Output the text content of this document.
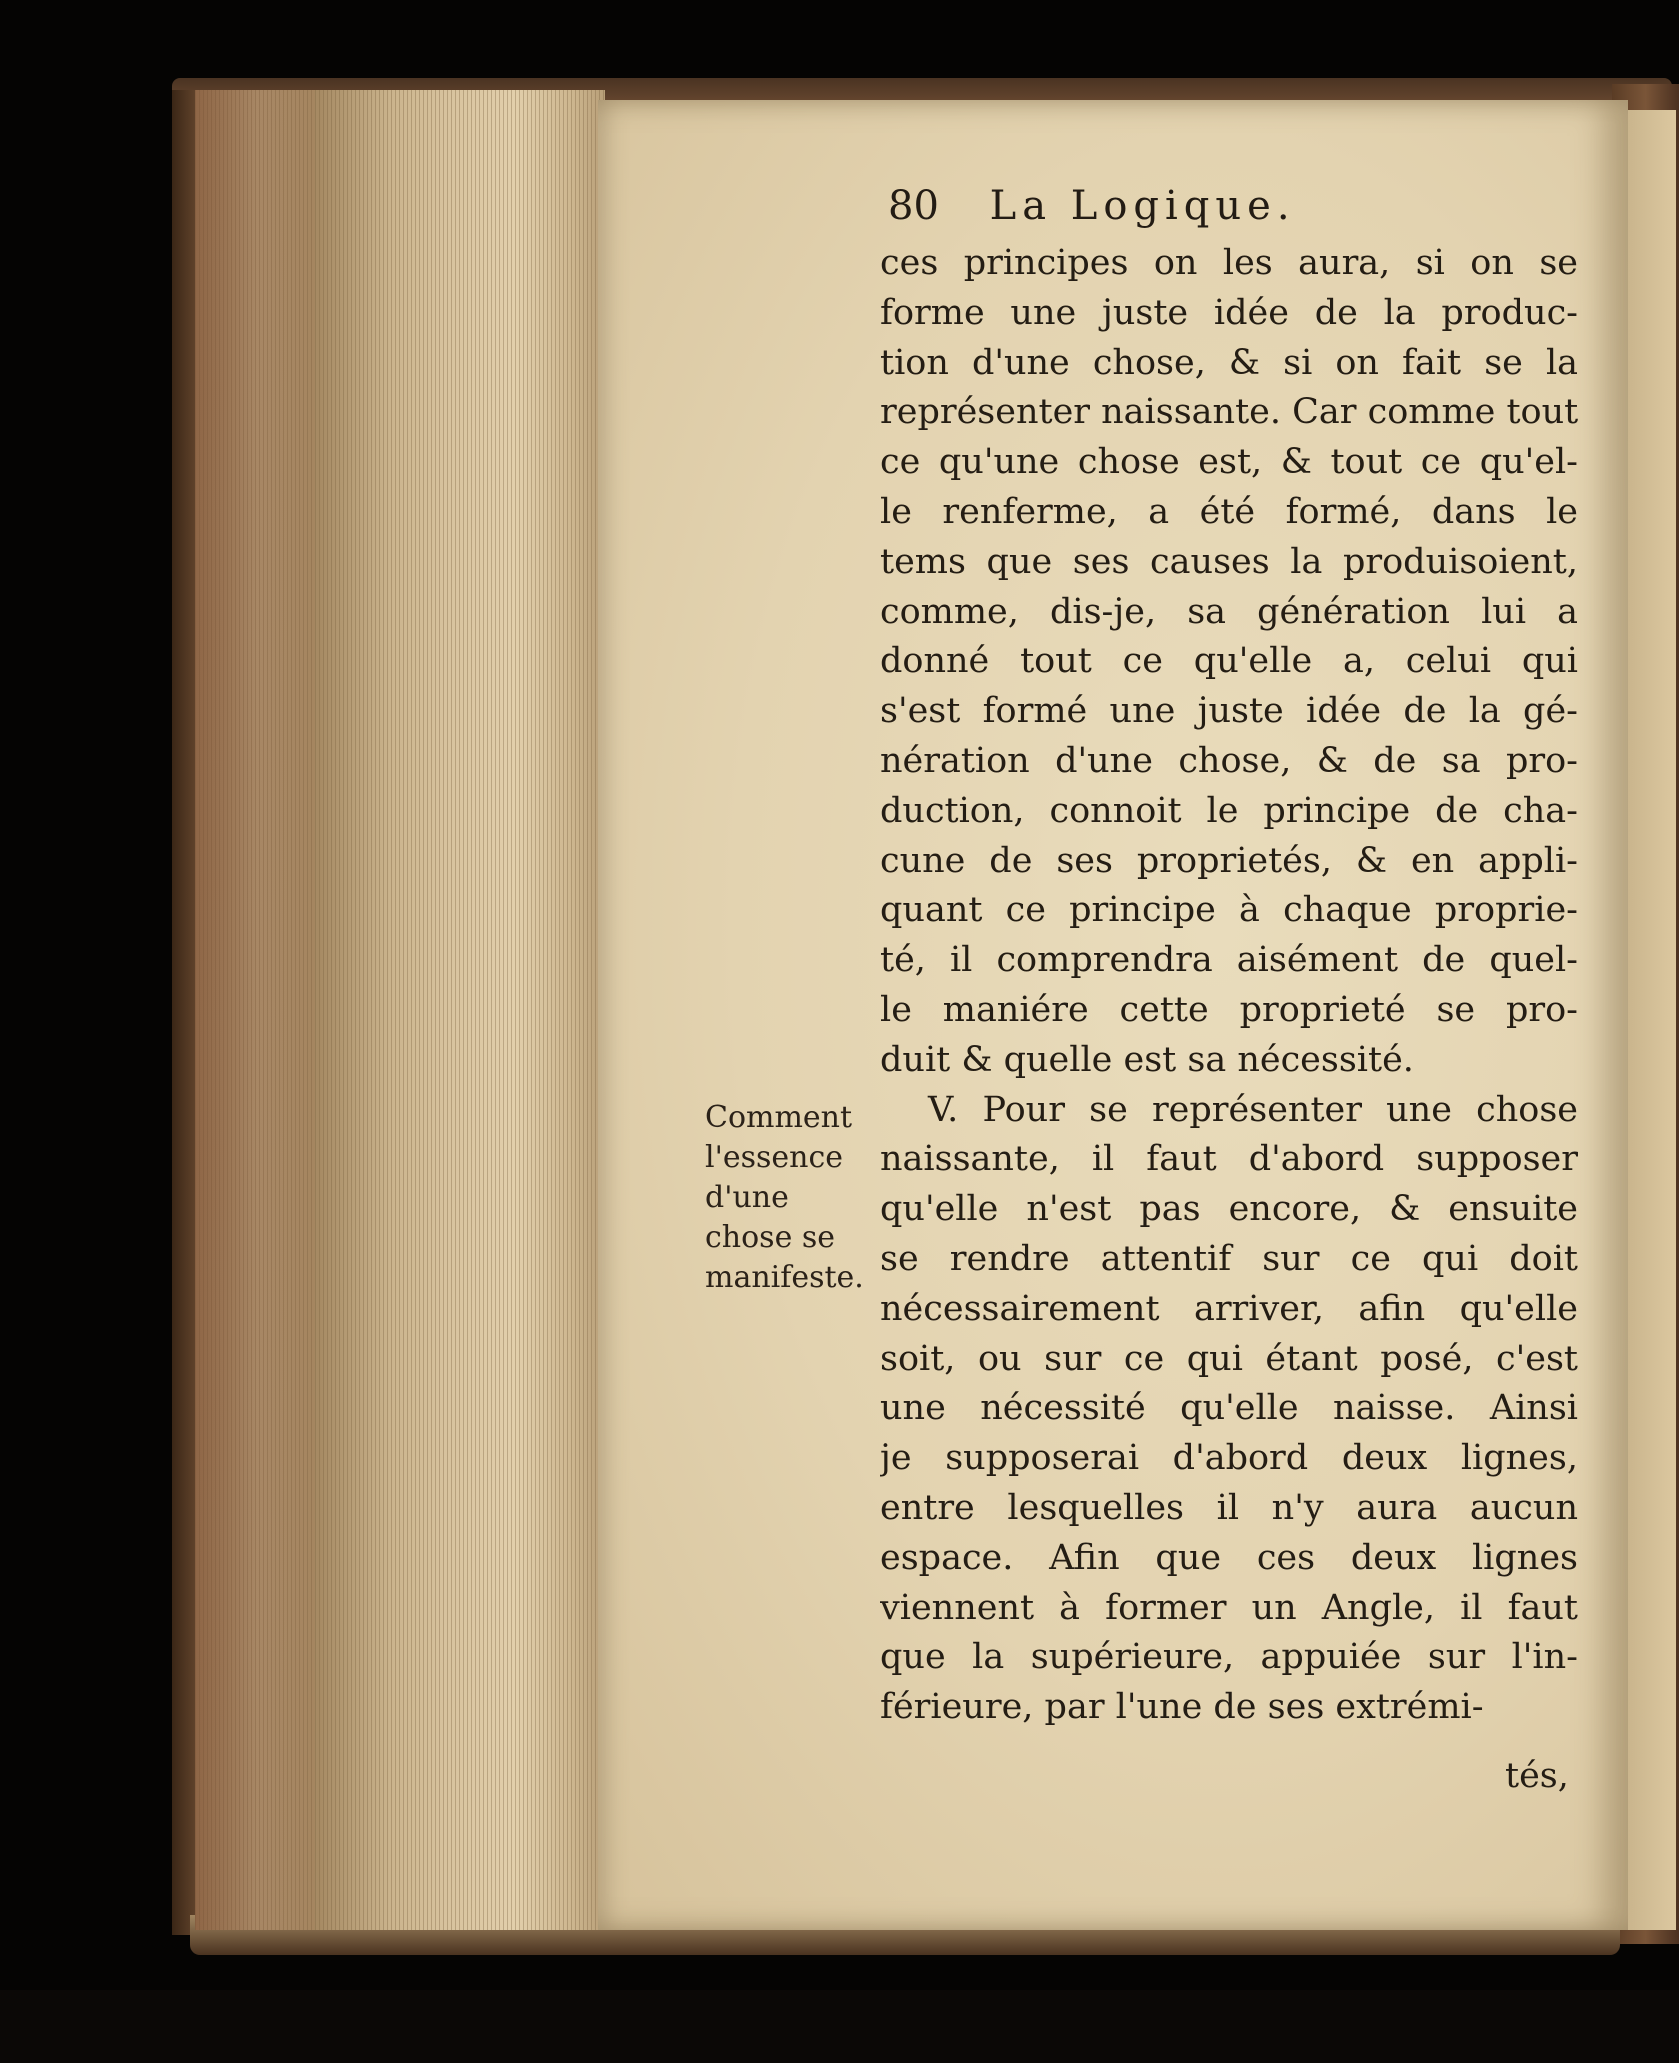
80 La Logique.
ces principes on les aura, si on se
forme une juste idée de la produc-
tion d'une chose, & si on fait se la
représenter naissante. Car comme tout
ce qu'une chose est, & tout ce qu'el-
le renferme, a été formé, dans le
tems que ses causes la produisoient,
comme, dis-je, sa génération lui a
donné tout ce qu'elle a, celui qui
s'est formé une juste idée de la gé-
nération d'une chose, & de sa pro-
duction, connoit le principe de cha-
cune de ses proprietés, & en appli-
quant ce principe à chaque proprie-
té, il comprendra aisément de quel-
le maniére cette proprieté se pro-
duit & quelle est sa nécessité.
V. Pour se représenter une chose
naissante, il faut d'abord supposer
qu'elle n'est pas encore, & ensuite
se rendre attentif sur ce qui doit
nécessairement arriver, afin qu'elle
soit, ou sur ce qui étant posé, c'est
une nécessité qu'elle naisse. Ainsi
je supposerai d'abord deux lignes,
entre lesquelles il n'y aura aucun
espace. Afin que ces deux lignes
viennent à former un Angle, il faut
que la supérieure, appuiée sur l'in-
férieure, par l'une de ses extrémi-
Comment
l'essence
d'une
chose se
manifeste.
tés,
